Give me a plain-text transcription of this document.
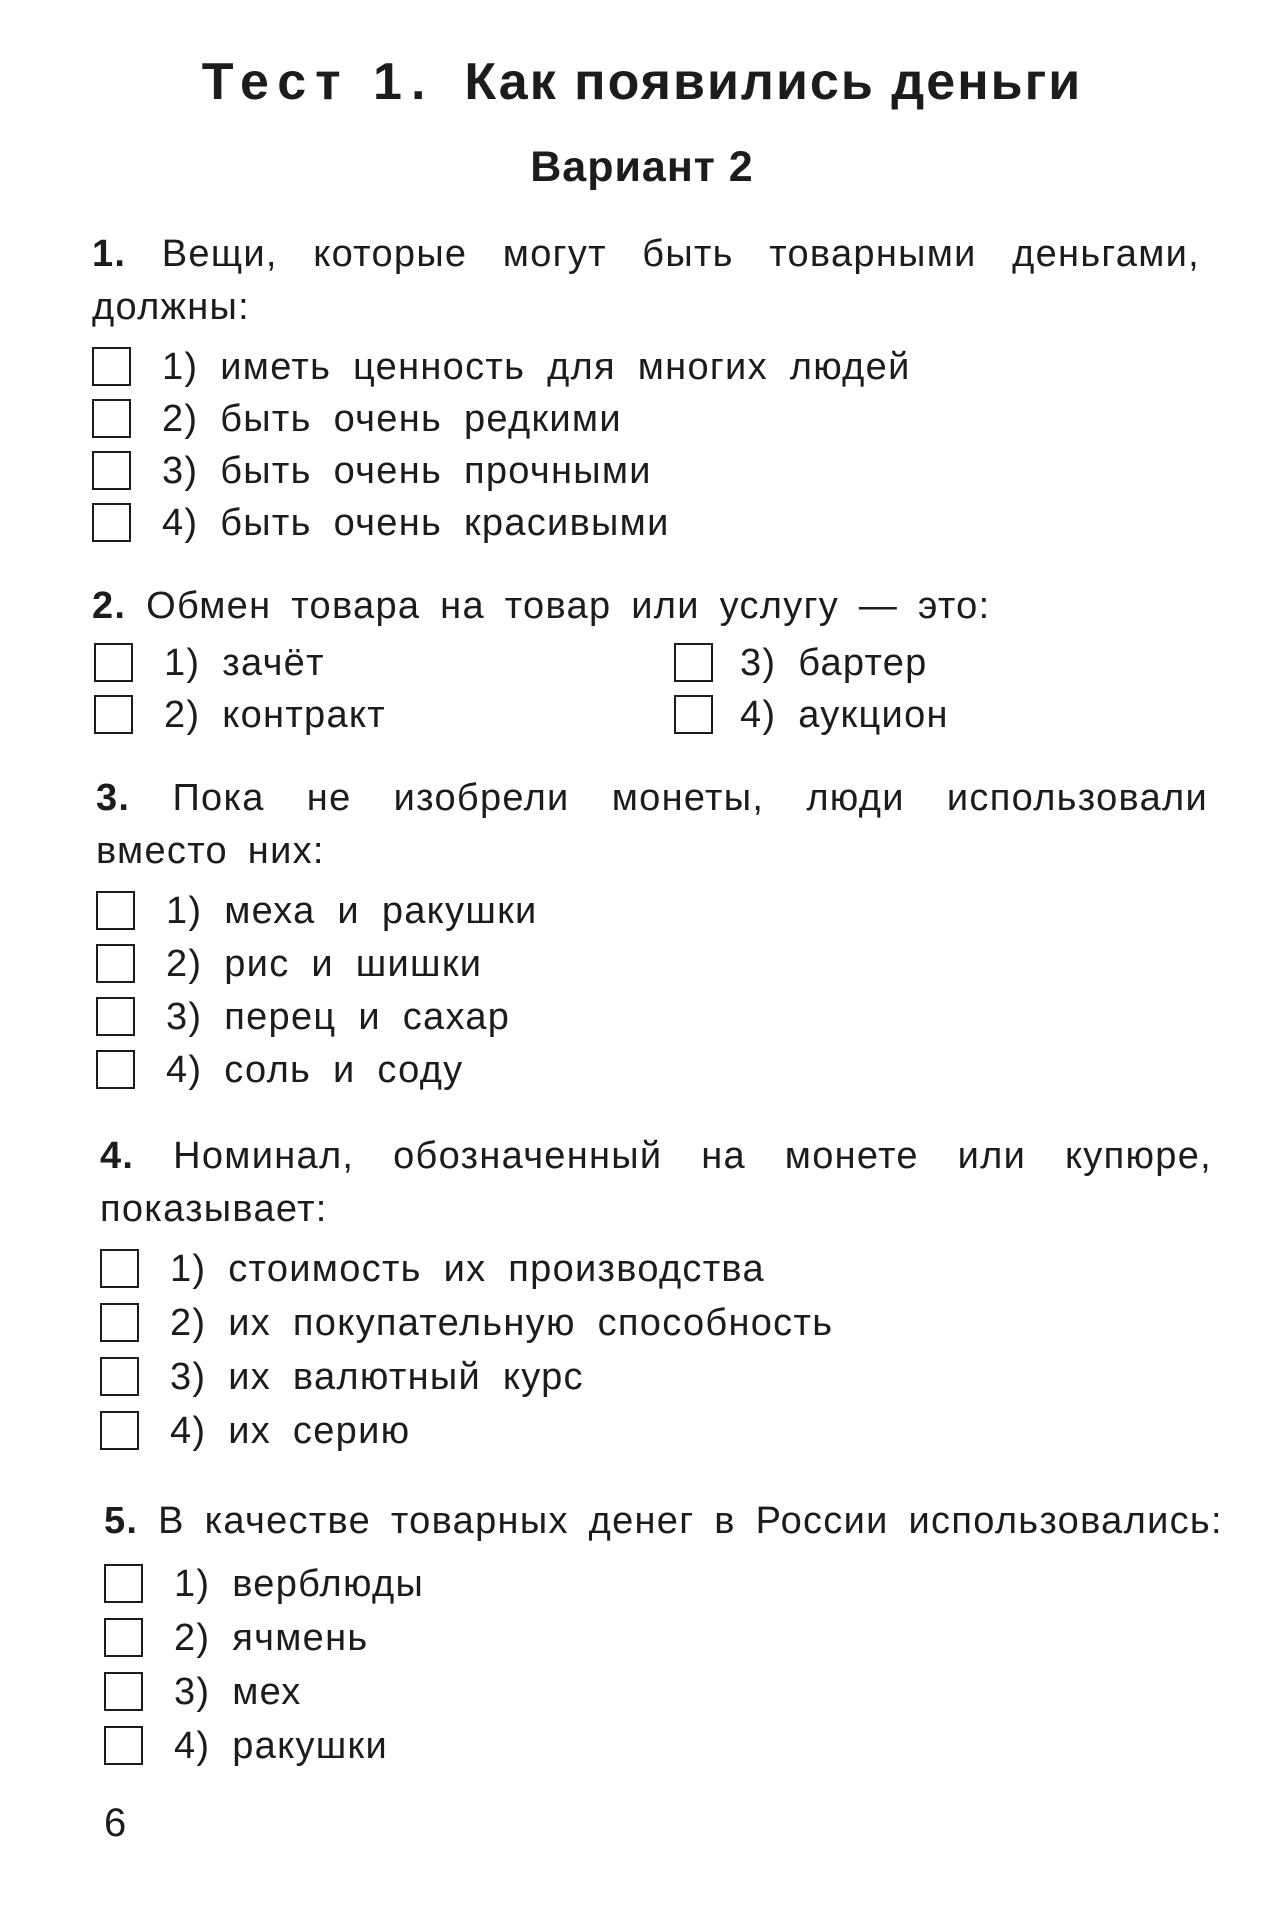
Тест 1. Как появились деньги
Вариант 2
1. Вещи, которые могут быть товарными деньгами, должны:
1) иметь ценность для многих людей
2) быть очень редкими
3) быть очень прочными
4) быть очень красивыми
2. Обмен товара на товар или услугу — это:
1) зачёт
2) контракт
3) бартер
4) аукцион
3. Пока не изобрели монеты, люди использовали вместо них:
1) меха и ракушки
2) рис и шишки
3) перец и сахар
4) соль и соду
4. Номинал, обозначенный на монете или купюре, показывает:
1) стоимость их производства
2) их покупательную способность
3) их валютный курс
4) их серию
5. В качестве товарных денег в России использовались:
1) верблюды
2) ячмень
3) мех
4) ракушки
6
